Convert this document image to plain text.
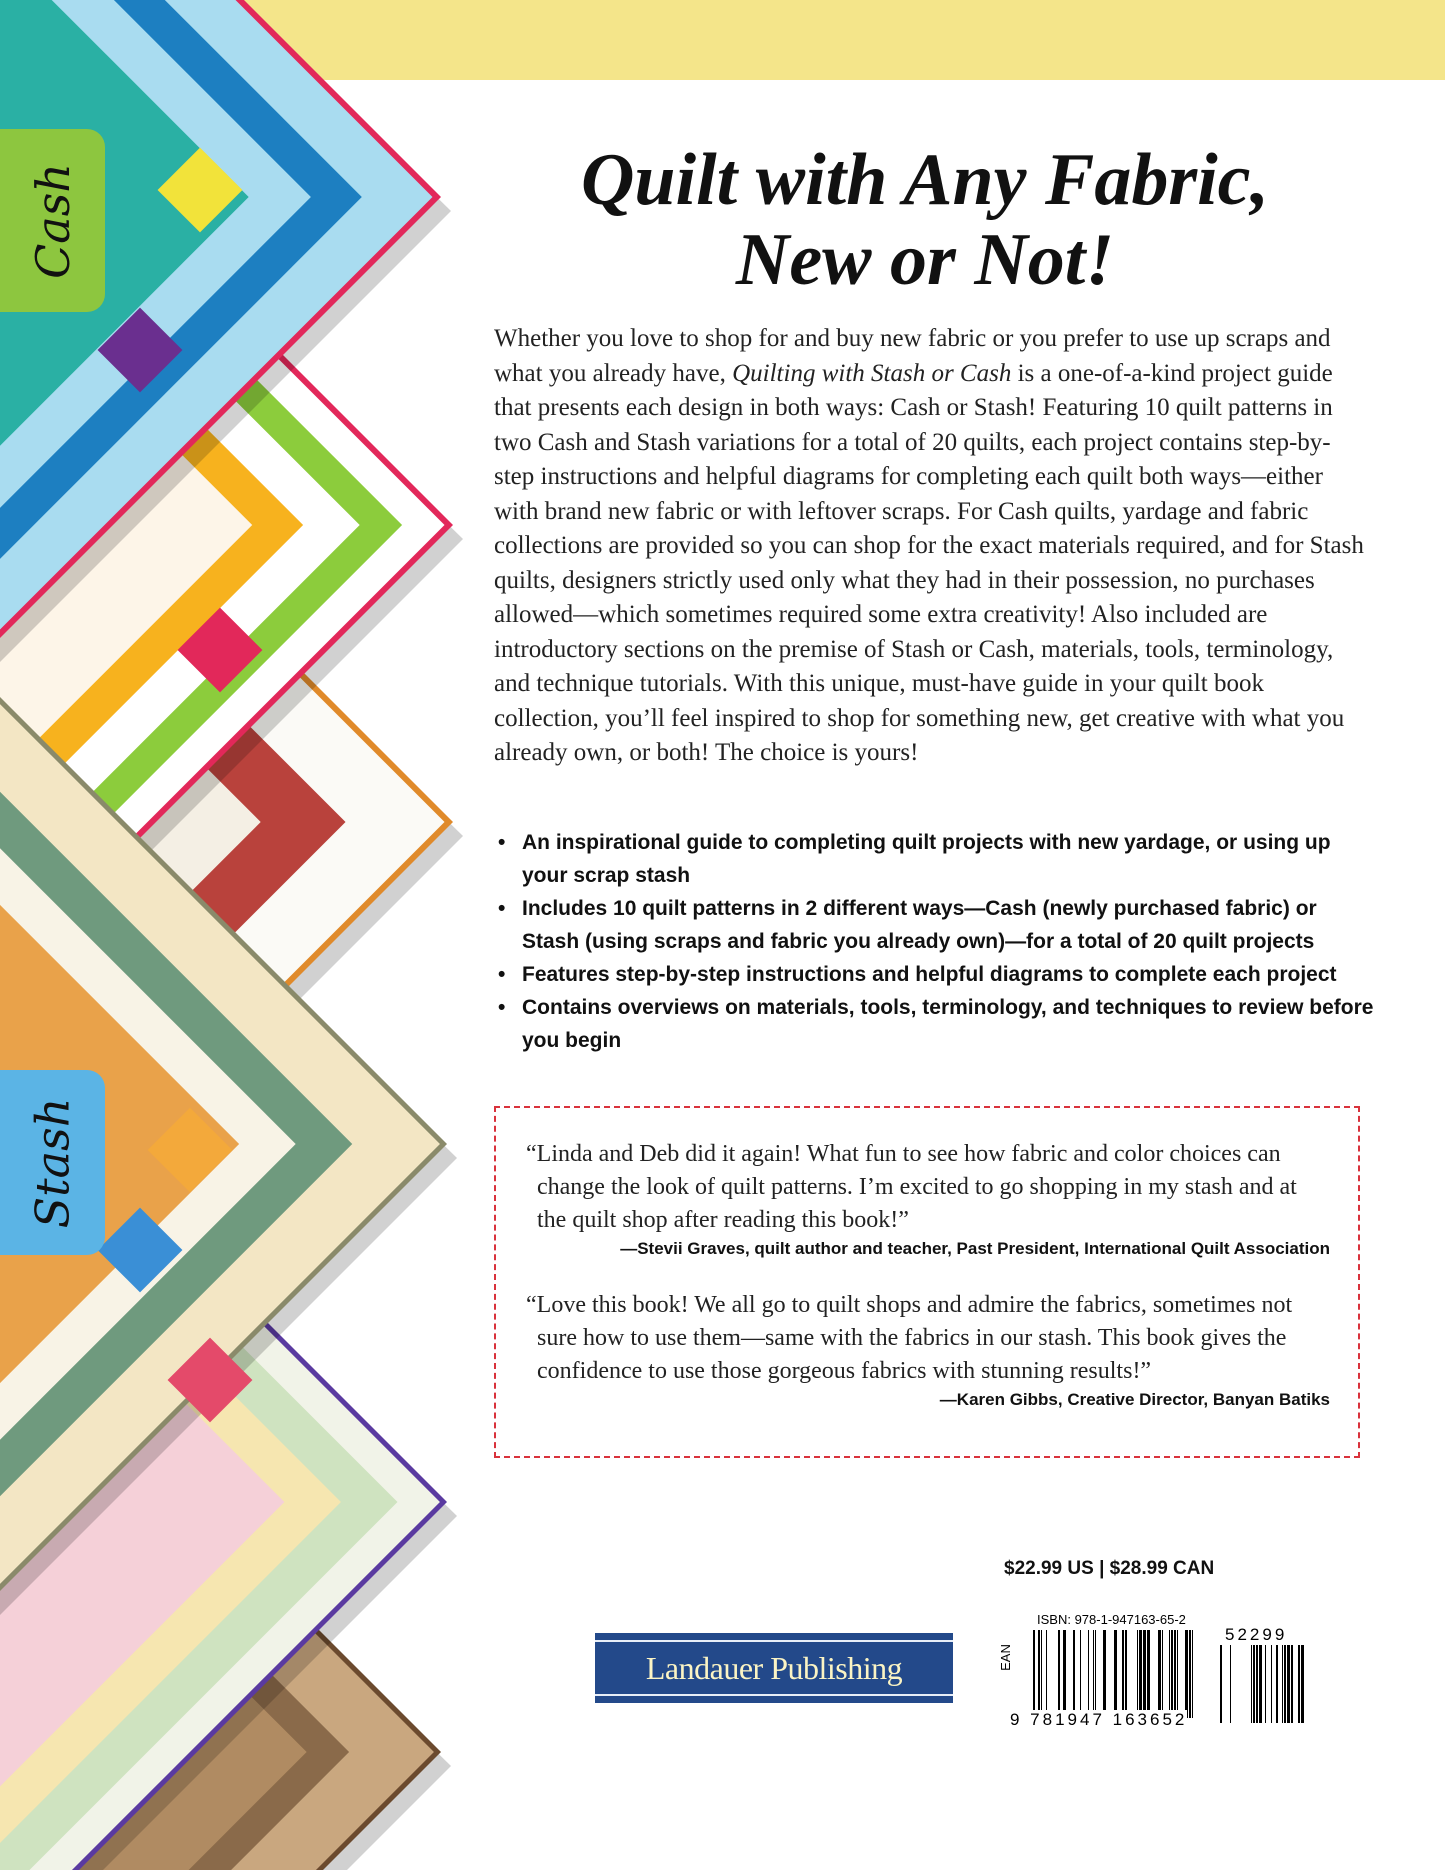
Cash
Stash
Quilt with Any Fabric,
New or Not!
Whether you love to shop for and buy new fabric or you prefer to use up scraps and what you already have, Quilting with Stash or Cash is a one-of-a-kind project guide that presents each design in both ways: Cash or Stash! Featuring 10 quilt patterns in two Cash and Stash variations for a total of 20 quilts, each project contains step-by-step instructions and helpful diagrams for completing each quilt both ways—either with brand new fabric or with leftover scraps. For Cash quilts, yardage and fabric collections are provided so you can shop for the exact materials required, and for Stash quilts, designers strictly used only what they had in their possession, no purchases allowed—which sometimes required some extra creativity! Also included are introductory sections on the premise of Stash or Cash, materials, tools, terminology, and technique tutorials. With this unique, must-have guide in your quilt book collection, you’ll feel inspired to shop for something new, get creative with what you already own, or both! The choice is yours!
• An inspirational guide to completing quilt projects with new yardage, or using up your scrap stash
• Includes 10 quilt patterns in 2 different ways—Cash (newly purchased fabric) or Stash (using scraps and fabric you already own)—for a total of 20 quilt projects
• Features step-by-step instructions and helpful diagrams to complete each project
• Contains overviews on materials, tools, terminology, and techniques to review before you begin
“Linda and Deb did it again! What fun to see how fabric and color choices can change the look of quilt patterns. I’m excited to go shopping in my stash and at the quilt shop after reading this book!”
—Stevii Graves, quilt author and teacher, Past President, International Quilt Association
“Love this book! We all go to quilt shops and admire the fabrics, sometimes not sure how to use them—same with the fabrics in our stash. This book gives the confidence to use those gorgeous fabrics with stunning results!”
—Karen Gibbs, Creative Director, Banyan Batiks
$22.99 US | $28.99 CAN
Landauer Publishing
ISBN: 978-1-947163-65-2
EAN
9 781947 163652
52299
